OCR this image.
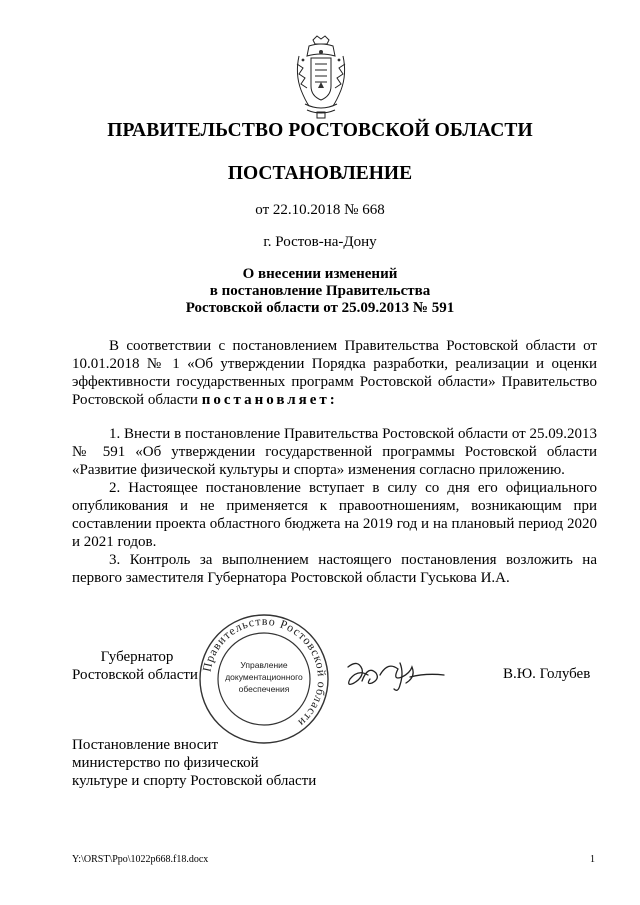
ПРАВИТЕЛЬСТВО РОСТОВСКОЙ ОБЛАСТИ
ПОСТАНОВЛЕНИЕ
от 22.10.2018 № 668
г. Ростов-на-Дону
О внесении изменений
в постановление Правительства
Ростовской области от 25.09.2013 № 591

В соответствии с постановлением Правительства Ростовской области от 10.01.2018 № 1 «Об утверждении Порядка разработки, реализации и оценки эффективности государственных программ Ростовской области» Правительство Ростовской области постановляет:

1. Внести в постановление Правительства Ростовской области от 25.09.2013 № 591 «Об утверждении государственной программы Ростовской области «Развитие физической культуры и спорта» изменения согласно приложению.

2. Настоящее постановление вступает в силу со дня его официального опубликования и не применяется к правоотношениям, возникающим при составлении проекта областного бюджета на 2019 год и на плановый период 2020 и 2021 годов.

3. Контроль за выполнением настоящего постановления возложить на первого заместителя Губернатора Ростовской области Гуськова И.А.

Губернатор
Ростовской области
Правительство Ростовской области
Управление
документационного
обеспечения
В.Ю. Голубев
Постановление вносит
министерство по физической
культуре и спорту Ростовской области
Y:\ORST\Ppo\1022p668.f18.docx	1
